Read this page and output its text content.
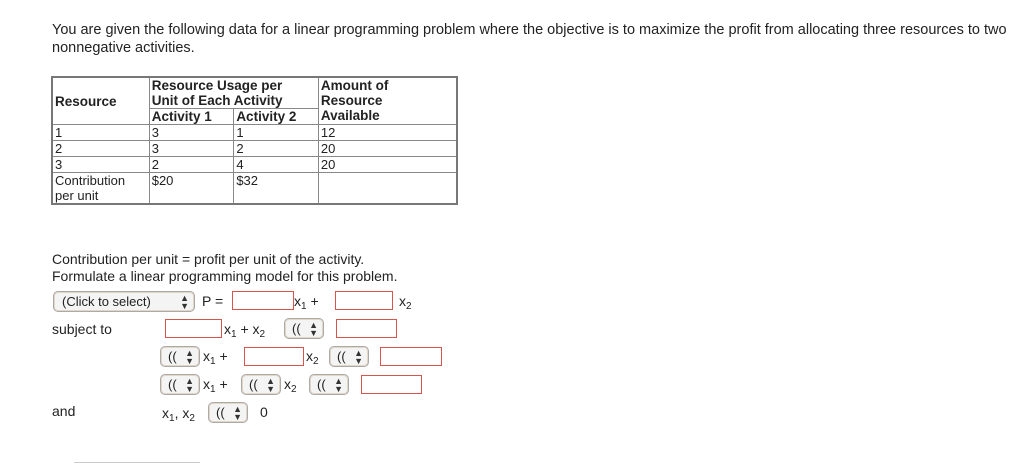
You are given the following data for a linear programming problem where the objective is to maximize the profit from allocating three resources to two nonnegative activities.
Resource	Resource Usage per
Unit of Each Activity		Amount of
Resource
Available
	Activity 1	Activity 2	
1	3	1	12
2	3	2	20
3	2	4	20
Contribution
per unit	$20	$32	
Contribution per unit = profit per unit of the activity.
Formulate a linear programming model for this problem.
(Click to select)	▲
▼ P =	$x_1$ +	$x_2$
subject to	$x_1 + x_2$	(( ▲
▼
(( ▲
▼ $x_1$ +	$x_2$	(( ▲
▼
(( ▲
▼ $x_1$ +	(( ▲
▼ $x_2$	(( ▲
▼
and	$x_1$, $x_2$	(( ▲
▼ 0
